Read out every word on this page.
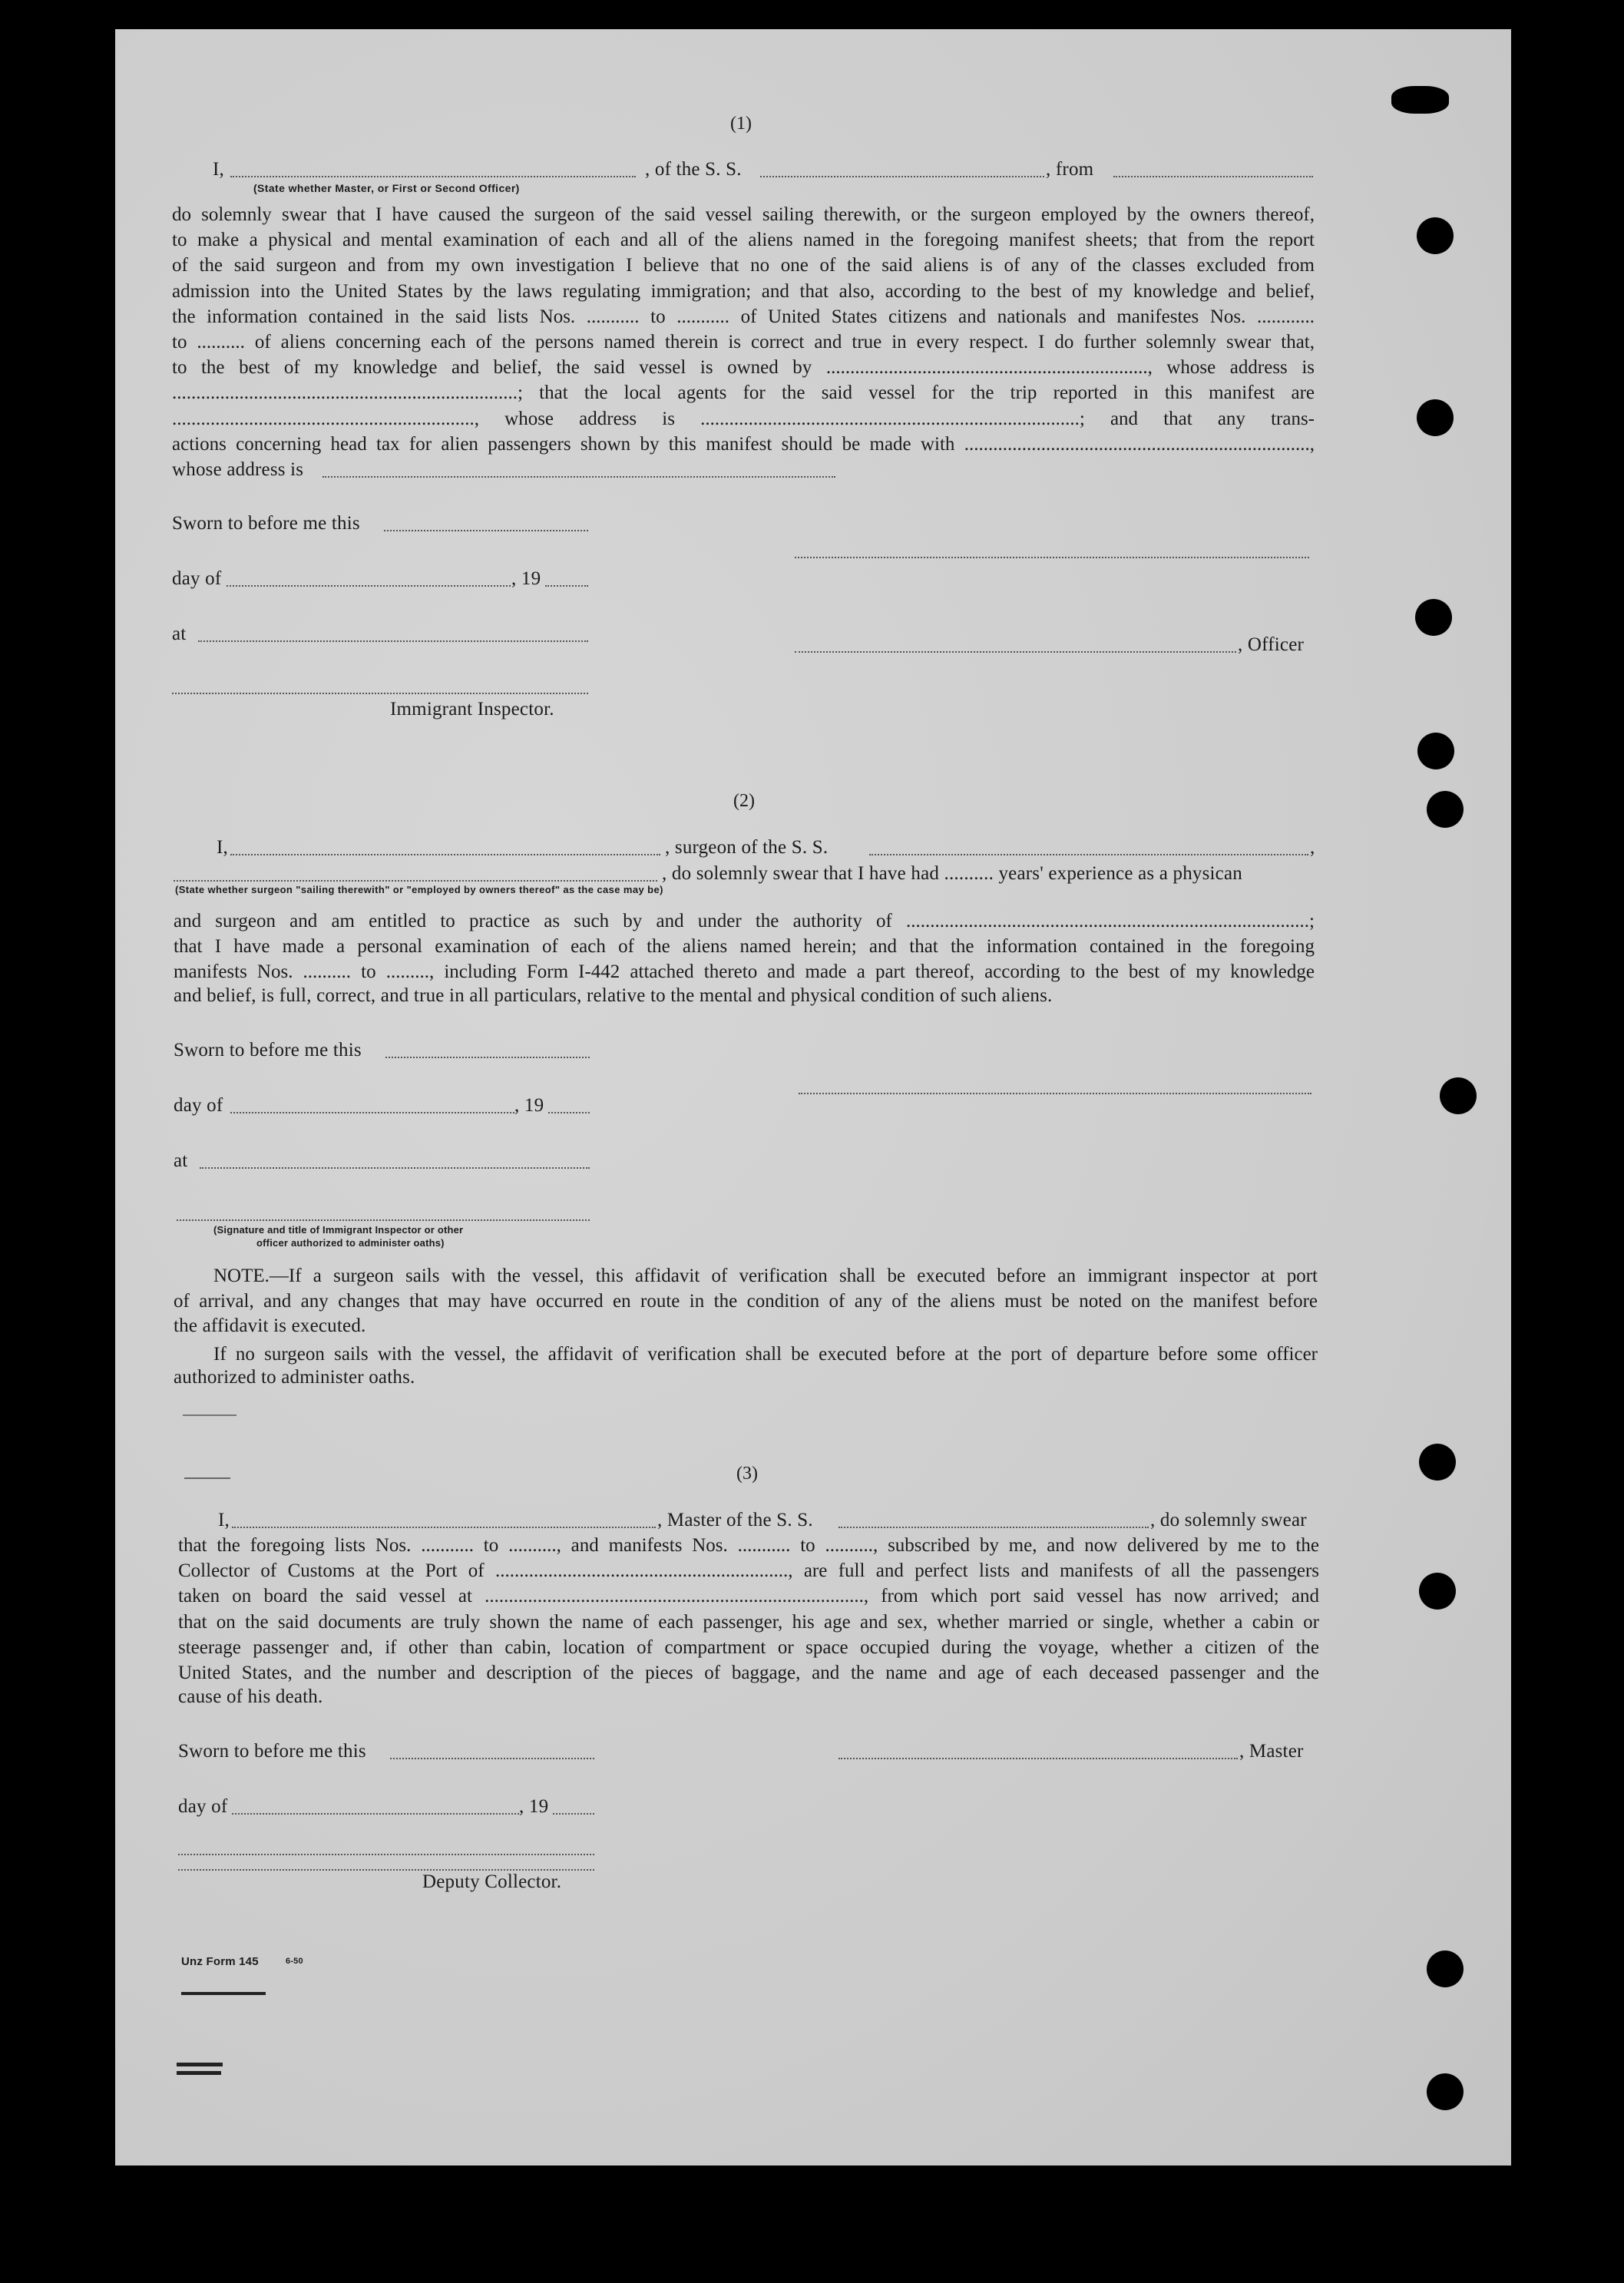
(1)
I,	, of the S. S.	, from
(State whether Master, or First or Second Officer)
do solemnly swear that I have caused the surgeon of the said vessel sailing therewith, or the surgeon employed by the owners thereof,
to make a physical and mental examination of each and all of the aliens named in the foregoing manifest sheets; that from the report
of the said surgeon and from my own investigation I believe that no one of the said aliens is of any of the classes excluded from
admission into the United States by the laws regulating immigration; and that also, according to the best of my knowledge and belief,
the information contained in the said lists Nos. ........... to ........... of United States citizens and nationals and manifestes Nos. ............
to .......... of aliens concerning each of the persons named therein is correct and true in every respect. I do further solemnly swear that,
to the best of my knowledge and belief, the said vessel is owned by ..................................................................., whose address is
........................................................................; that the local agents for the said vessel for the trip reported in this manifest are
..............................................................., whose address is ...............................................................................; and that any trans-
actions concerning head tax for alien passengers shown by this manifest should be made with ........................................................................,
whose address is
Sworn to before me this
day of	, 19
at
, Officer
Immigrant Inspector.
(2)
I,	, surgeon of the S. S.	,
, do solemnly swear that I have had .......... years' experience as a physican
(State whether surgeon "sailing therewith" or "employed by owners thereof" as the case may be)
and surgeon and am entitled to practice as such by and under the authority of ....................................................................................;
that I have made a personal examination of each of the aliens named herein; and that the information contained in the foregoing
manifests Nos. .......... to ........., including Form I-442 attached thereto and made a part thereof, according to the best of my knowledge
and belief, is full, correct, and true in all particulars, relative to the mental and physical condition of such aliens.
Sworn to before me this
day of	, 19
at
(Signature and title of Immigrant Inspector or other
officer authorized to administer oaths)
NOTE.—If a surgeon sails with the vessel, this affidavit of verification shall be executed before an immigrant inspector at port
of arrival, and any changes that may have occurred en route in the condition of any of the aliens must be noted on the manifest before
the affidavit is executed.
If no surgeon sails with the vessel, the affidavit of verification shall be executed before at the port of departure before some officer
authorized to administer oaths.
(3)
I,	, Master of the S. S.	, do solemnly swear
that the foregoing lists Nos. ........... to .........., and manifests Nos. ........... to .........., subscribed by me, and now delivered by me to the
Collector of Customs at the Port of ............................................................., are full and perfect lists and manifests of all the passengers
taken on board the said vessel at ..............................................................................., from which port said vessel has now arrived; and
that on the said documents are truly shown the name of each passenger, his age and sex, whether married or single, whether a cabin or
steerage passenger and, if other than cabin, location of compartment or space occupied during the voyage, whether a citizen of the
United States, and the number and description of the pieces of baggage, and the name and age of each deceased passenger and the
cause of his death.
Sworn to before me this	, Master
day of	, 19
Deputy Collector.
Unz Form 145	6-50
